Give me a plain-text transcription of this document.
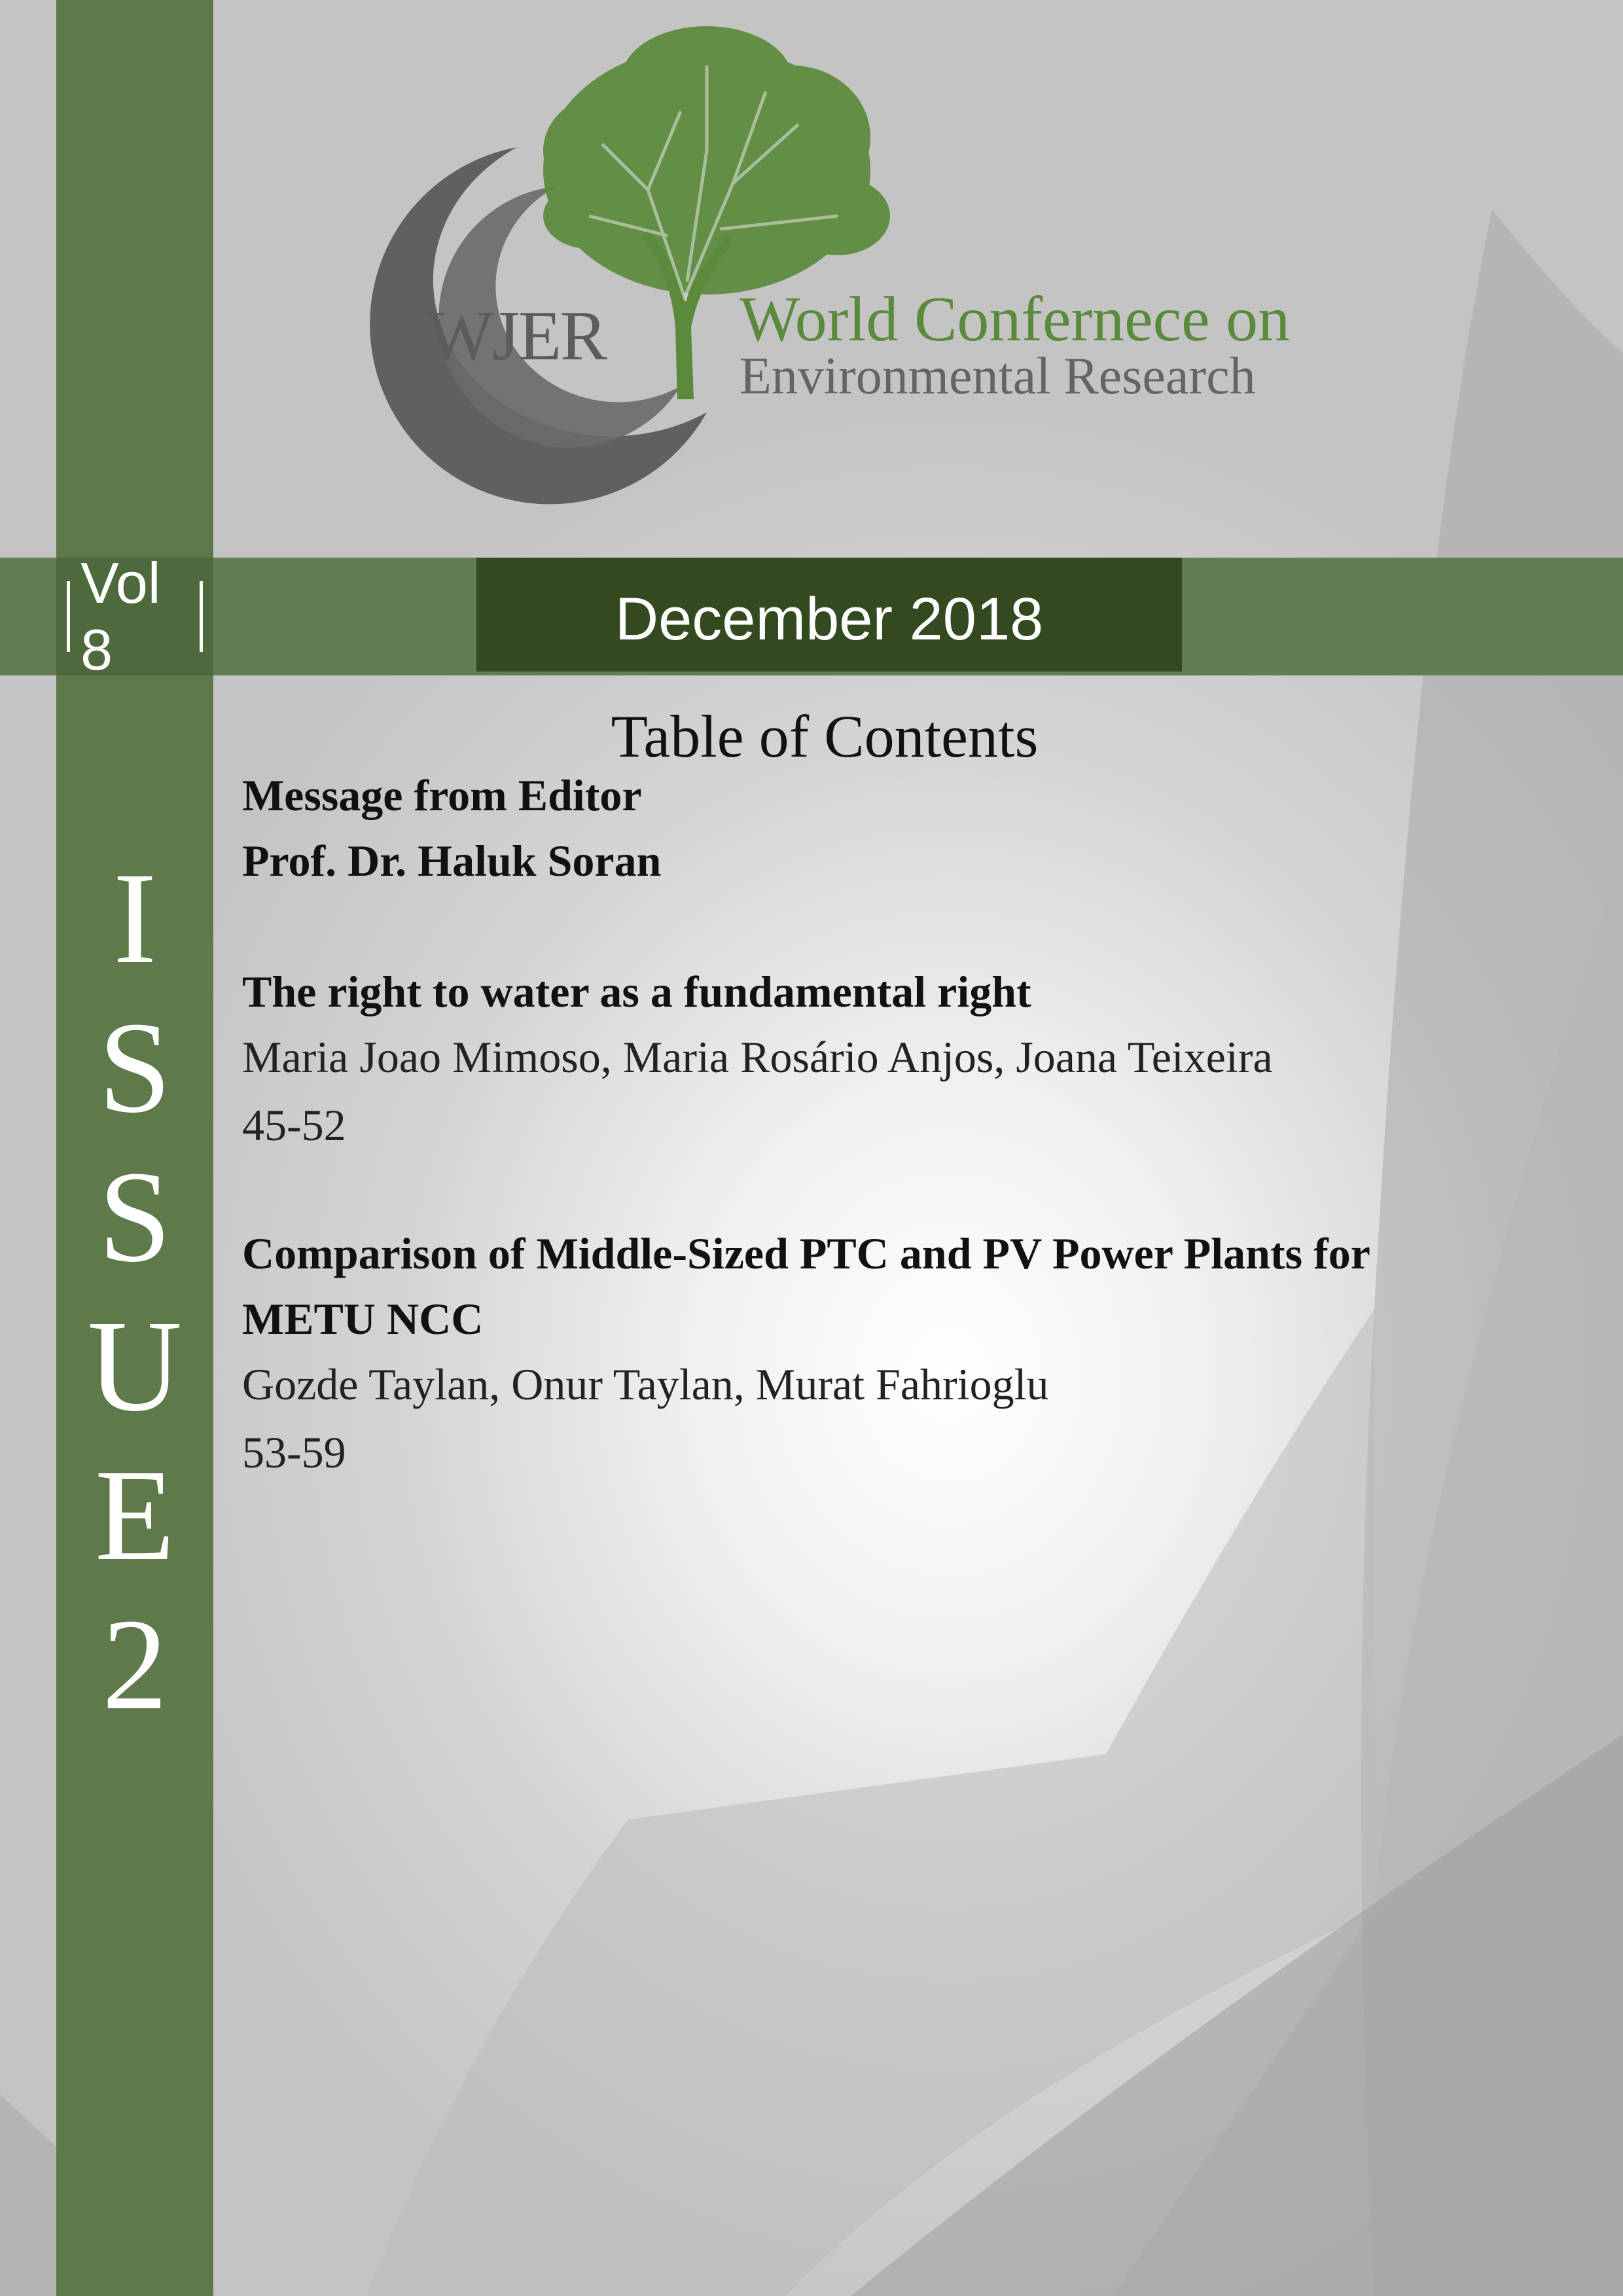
Vol 8	December 2018
I
S
S
U
E
2
WJER World Confernece on
Environmental Research
Table of Contents
Message from Editor
Prof. Dr. Haluk Soran
The right to water as a fundamental right
Maria Joao Mimoso, Maria Rosário Anjos, Joana Teixeira
45-52
Comparison of Middle-Sized PTC and PV Power Plants for
METU NCC
Gozde Taylan, Onur Taylan, Murat Fahrioglu
53-59
